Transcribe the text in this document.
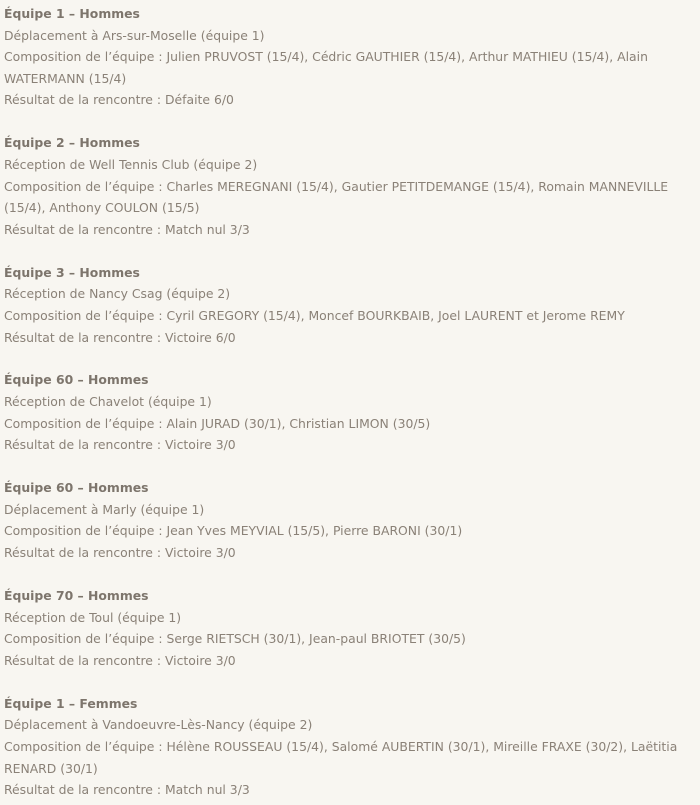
Équipe 1 – Hommes

Déplacement à Ars-sur-Moselle (équipe 1)

Composition de l’équipe : Julien PRUVOST (15/4), Cédric GAUTHIER (15/4), Arthur MATHIEU (15/4), Alain WATERMANN (15/4)

Résultat de la rencontre : Défaite 6/0

Équipe 2 – Hommes

Réception de Well Tennis Club (équipe 2)

Composition de l’équipe : Charles MEREGNANI (15/4), Gautier PETITDEMANGE (15/4), Romain MANNEVILLE (15/4), Anthony COULON (15/5)

Résultat de la rencontre : Match nul 3/3

Équipe 3 – Hommes

Réception de Nancy Csag (équipe 2)

Composition de l’équipe : Cyril GREGORY (15/4), Moncef BOURKBAIB, Joel LAURENT et Jerome REMY

Résultat de la rencontre : Victoire 6/0

Équipe 60 – Hommes

Réception de Chavelot (équipe 1)

Composition de l’équipe : Alain JURAD (30/1), Christian LIMON (30/5)

Résultat de la rencontre : Victoire 3/0

Équipe 60 – Hommes

Déplacement à Marly (équipe 1)

Composition de l’équipe : Jean Yves MEYVIAL (15/5), Pierre BARONI (30/1)

Résultat de la rencontre : Victoire 3/0

Équipe 70 – Hommes

Réception de Toul (équipe 1)

Composition de l’équipe : Serge RIETSCH (30/1), Jean-paul BRIOTET (30/5)

Résultat de la rencontre : Victoire 3/0

Équipe 1 – Femmes

Déplacement à Vandoeuvre-Lès-Nancy (équipe 2)

Composition de l’équipe : Hélène ROUSSEAU (15/4), Salomé AUBERTIN (30/1), Mireille FRAXE (30/2), Laëtitia RENARD (30/1)

Résultat de la rencontre : Match nul 3/3
